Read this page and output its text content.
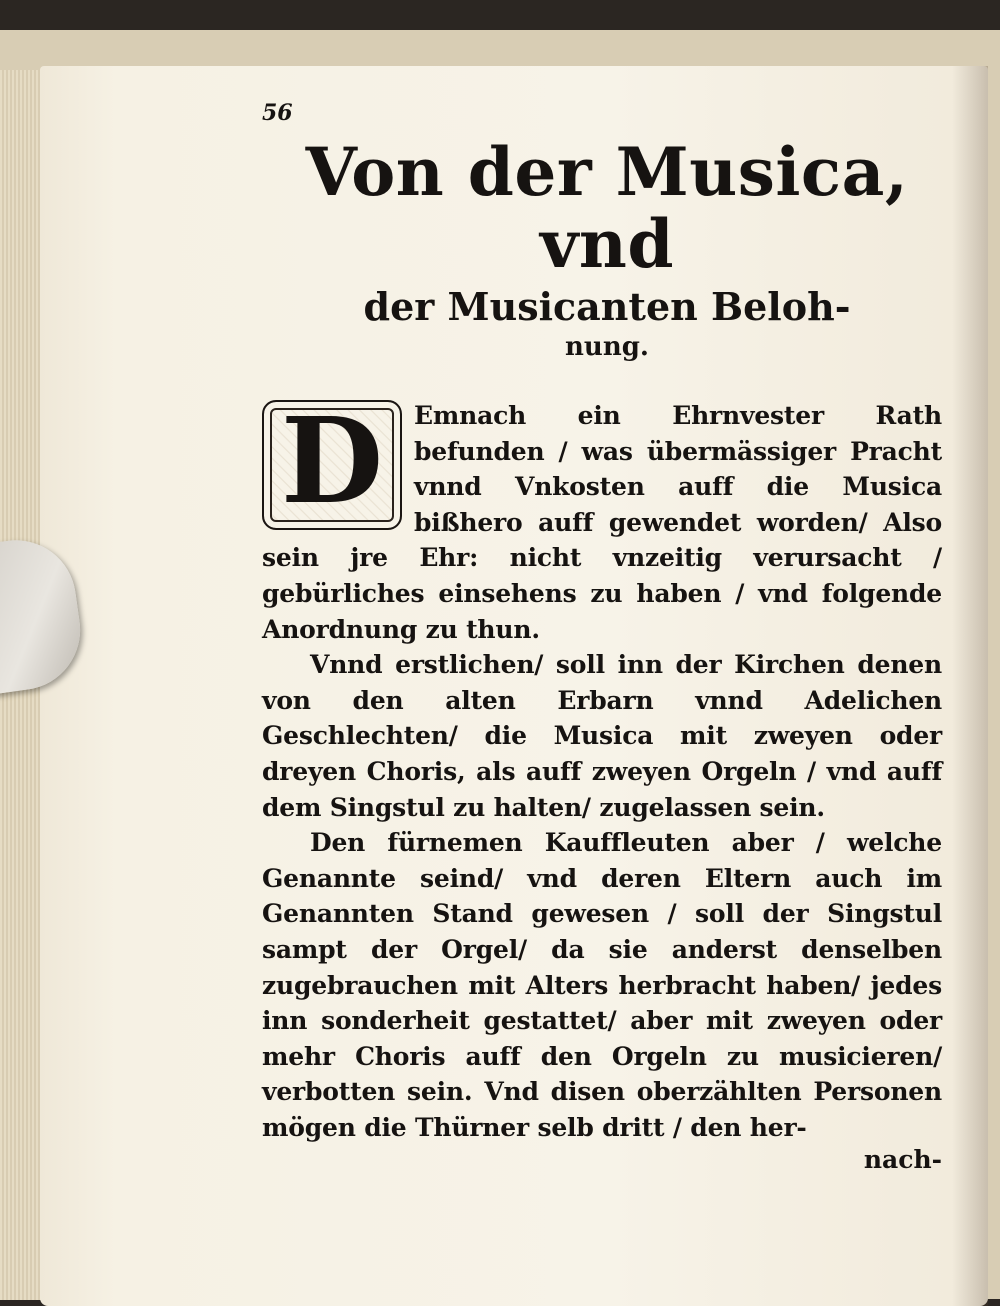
56
Von der Musica, vnd
der Musicanten Beloh-
nung.

D	Emnach ein Ehrnvester Rath befunden / was übermässiger Pracht vnnd Vnkosten auff die Musica bißhero auff gewendet worden/ Also sein jre Ehr: nicht vnzeitig verursacht / gebürliches einsehens zu haben / vnd folgende Anordnung zu thun.

Vnnd erstlichen/ soll inn der Kirchen denen von den alten Erbarn vnnd Adelichen Geschlechten/ die Musica mit zweyen oder dreyen Choris, als auff zweyen Orgeln / vnd auff dem Singstul zu halten/ zugelassen sein.

Den fürnemen Kauffleuten aber / welche Genannte seind/ vnd deren Eltern auch im Genannten Stand gewesen / soll der Singstul sampt der Orgel/ da sie anderst denselben zugebrauchen mit Alters herbracht haben/ jedes inn sonderheit gestattet/ aber mit zweyen oder mehr Choris auff den Orgeln zu musicieren/ verbotten sein. Vnd disen oberzählten Personen mögen die Thürner selb dritt / den her-

nach-
